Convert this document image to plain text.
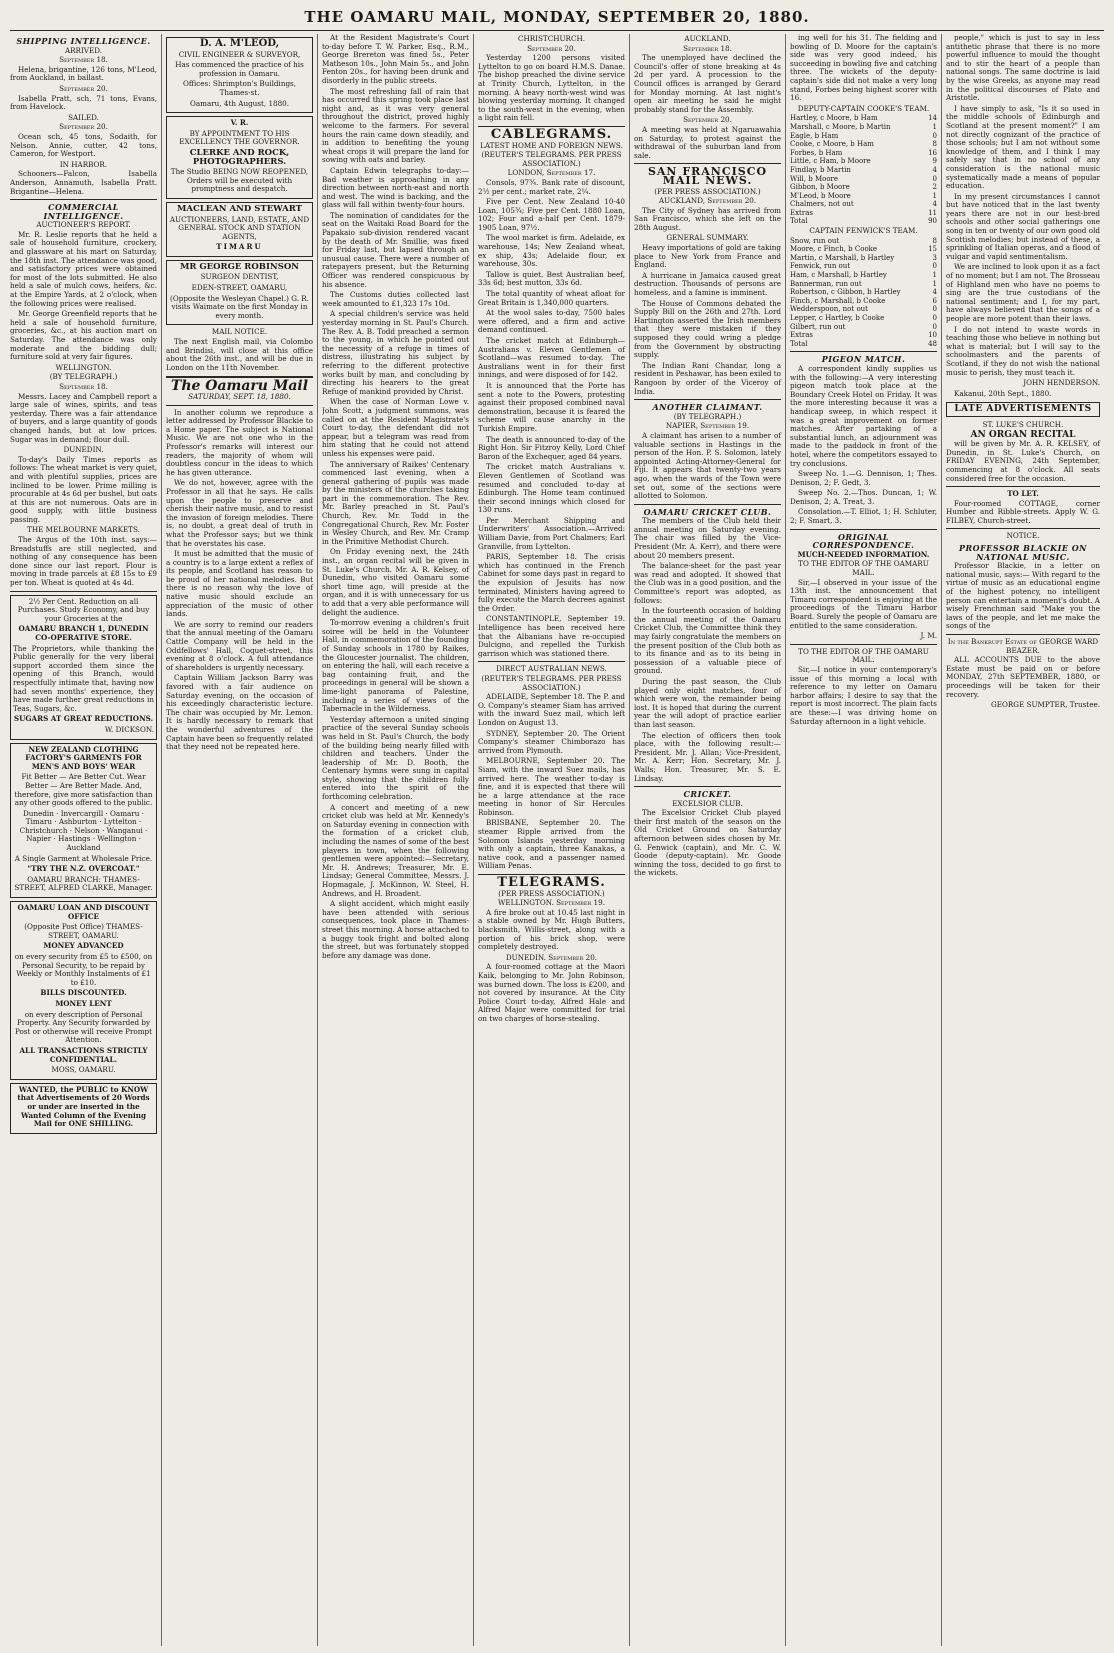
THE OAMARU MAIL, MONDAY, SEPTEMBER 20, 1880.
SHIPPING INTELLIGENCE.
ARRIVED.
September 18.

Helena, brigantine, 126 tons, M'Leod, from Auckland, in ballast.

September 20.

Isabella Pratt, sch, 71 tons, Evans, from Havelock.

SAILED.
September 20.

Ocean sch, 45 tons, Sodaith, for Nelson. Annie, cutter, 42 tons, Cameron, for Westport.

IN HARBOR.

Schooners—Falcon, Isabella Anderson, Annamuth, Isabella Pratt. Brigantine—Helena.

COMMERCIAL INTELLIGENCE.
AUCTIONEER'S REPORT.

Mr. R. Leslie reports that he held a sale of household furniture, crockery, and glassware at his mart on Saturday, the 18th inst. The attendance was good, and satisfactory prices were obtained for most of the lots submitted. He also held a sale of mulch cows, heifers, &c. at the Empire Yards, at 2 o'clock, when the following prices were realised.

Mr. George Greenfield reports that he held a sale of household furniture, groceries, &c., at his auction mart on Saturday. The attendance was only moderate and the bidding dull; furniture sold at very fair figures.

WELLINGTON.
(BY TELEGRAPH.)
September 18.

Messrs. Lacey and Campbell report a large sale of wines, spirits, and teas yesterday. There was a fair attendance of buyers, and a large quantity of goods changed hands, but at low prices. Sugar was in demand; flour dull.

DUNEDIN.

To-day's Daily Times reports as follows: The wheat market is very quiet, and with plentiful supplies, prices are inclined to be lower. Prime milling is procurable at 4s 6d per bushel, but oats at this are not numerous. Oats are in good supply, with little business passing.

THE MELBOURNE MARKETS.

The Argus of the 10th inst. says:—Breadstuffs are still neglected, and nothing of any consequence has been done since our last report. Flour is moving in trade parcels at £8 15s to £9 per ton. Wheat is quoted at 4s 4d.

2½ Per Cent. Reduction on all Purchases. Study Economy, and buy your Groceries at the

OAMARU BRANCH 1, DUNEDIN CO-OPERATIVE STORE.

The Proprietors, while thanking the Public generally for the very liberal support accorded them since the opening of this Branch, would respectfully intimate that, having now had seven months' experience, they have made further great reductions in Teas, Sugars, &c.

SUGARS AT GREAT REDUCTIONS.

W. DICKSON.

NEW ZEALAND CLOTHING FACTORY'S GARMENTS FOR MEN'S AND BOYS' WEAR

Fit Better — Are Better Cut. Wear Better — Are Better Made. And, therefore, give more satisfaction than any other goods offered to the public.

Dunedin · Invercargill · Oamaru · Timaru · Ashburton · Lyttelton · Christchurch · Nelson · Wanganui · Napier · Hastings · Wellington · Auckland

A Single Garment at Wholesale Price.

"TRY THE N.Z. OVERCOAT."

OAMARU BRANCH: THAMES-STREET, ALFRED CLARKE, Manager.

OAMARU LOAN AND DISCOUNT OFFICE

(Opposite Post Office) THAMES-STREET, OAMARU.

MONEY ADVANCED

on every security from £5 to £500, on Personal Security, to be repaid by Weekly or Monthly Instalments of £1 to £10.

BILLS DISCOUNTED.

MONEY LENT

on every description of Personal Property. Any Security forwarded by Post or otherwise will receive Prompt Attention.

ALL TRANSACTIONS STRICTLY CONFIDENTIAL.

MOSS, OAMARU.

WANTED, the PUBLIC to KNOW that Advertisements of 20 Words or under are inserted in the Wanted Column of the Evening Mail for ONE SHILLING.

D. A. M'LEOD,

CIVIL ENGINEER & SURVEYOR,

Has commenced the practice of his profession in Oamaru.

Offices: Shrimpton's Buildings, Thames-st.

Oamaru, 4th August, 1880.

V. R.

BY APPOINTMENT TO HIS EXCELLENCY THE GOVERNOR.

CLERKE AND ROCK, PHOTOGRAPHERS.

The Studio BEING NOW REOPENED, Orders will be executed with promptness and despatch.

MACLEAN AND STEWART

AUCTIONEERS, LAND, ESTATE, AND GENERAL STOCK AND STATION AGENTS,

TIMARU

MR GEORGE ROBINSON

SURGEON DENTIST,

EDEN-STREET, OAMARU,

(Opposite the Wesleyan Chapel.) G. R. visits Waimate on the first Monday in every month.

MAIL NOTICE.

The next English mail, via Colombo and Brindisi, will close at this office about the 26th inst., and will be due in London on the 11th November.

The Oamaru Mail
SATURDAY, SEPT. 18, 1880.

In another column we reproduce a letter addressed by Professor Blackie to a Home paper. The subject is National Music. We are not one who in the Professor's remarks will interest our readers, the majority of whom will doubtless concur in the ideas to which he has given utterance.

We do not, however, agree with the Professor in all that he says. He calls upon the people to preserve and cherish their native music, and to resist the invasion of foreign melodies. There is, no doubt, a great deal of truth in what the Professor says; but we think that he overstates his case.

It must be admitted that the music of a country is to a large extent a reflex of its people, and Scotland has reason to be proud of her national melodies. But there is no reason why the love of native music should exclude an appreciation of the music of other lands.

We are sorry to remind our readers that the annual meeting of the Oamaru Cattle Company will be held in the Oddfellows' Hall, Coquet-street, this evening at 8 o'clock. A full attendance of shareholders is urgently necessary.

Captain William Jackson Barry was favored with a fair audience on Saturday evening, on the occasion of his exceedingly characteristic lecture. The chair was occupied by Mr. Lemon. It is hardly necessary to remark that the wonderful adventures of the Captain have been so frequently related that they need not be repeated here.

At the Resident Magistrate's Court to-day before T. W. Parker, Esq., R.M., George Brereton was fined 5s., Peter Matheson 10s., John Main 5s., and John Fenton 20s., for having been drunk and disorderly in the public streets.

The most refreshing fall of rain that has occurred this spring took place last night and, as it was very general throughout the district, proved highly welcome to the farmers. For several hours the rain came down steadily, and in addition to benefiting the young wheat crops it will prepare the land for sowing with oats and barley.

Captain Edwin telegraphs to-day:—Bad weather is approaching in any direction between north-east and north and west. The wind is backing, and the glass will fall within twenty-four hours.

The nomination of candidates for the seat on the Waitaki Road Board for the Papakaio sub-division rendered vacant by the death of Mr. Smillie, was fixed for Friday last, but lapsed through an unusual cause. There were a number of ratepayers present, but the Returning Officer was rendered conspicuous by his absence.

The Customs duties collected last week amounted to £1,323 17s 10d.

A special children's service was held yesterday morning in St. Paul's Church. The Rev. A. B. Todd preached a sermon to the young, in which he pointed out the necessity of a refuge in times of distress, illustrating his subject by referring to the different protective works built by man, and concluding by directing his hearers to the great Refuge of mankind provided by Christ.

When the case of Norman Lowe v. John Scott, a judgment summons, was called on at the Resident Magistrate's Court to-day, the defendant did not appear, but a telegram was read from him stating that he could not attend unless his expenses were paid.

The anniversary of Raikes' Centenary commenced last evening, when a general gathering of pupils was made by the ministers of the churches taking part in the commemoration. The Rev. Mr. Barley preached in St. Paul's Church, Rev. Mr. Todd in the Congregational Church, Rev. Mr. Foster in Wesley Church, and Rev. Mr. Cramp in the Primitive Methodist Church.

On Friday evening next, the 24th inst., an organ recital will be given in St. Luke's Church. Mr. A. R. Kelsey, of Dunedin, who visited Oamaru some short time ago, will preside at the organ, and it is with unnecessary for us to add that a very able performance will delight the audience.

To-morrow evening a children's fruit soiree will be held in the Volunteer Hall, in commemoration of the founding of Sunday schools in 1780 by Raikes, the Gloucester journalist. The children, on entering the hall, will each receive a bag containing fruit, and the proceedings in general will be shown a lime-light panorama of Palestine, including a series of views of the Tabernacle in the Wilderness.

Yesterday afternoon a united singing practice of the several Sunday schools was held in St. Paul's Church, the body of the building being nearly filled with children and teachers. Under the leadership of Mr. D. Booth, the Centenary hymns were sung in capital style, showing that the children fully entered into the spirit of the forthcoming celebration.

A concert and meeting of a new cricket club was held at Mr. Kennedy's on Saturday evening in connection with the formation of a cricket club, including the names of some of the best players in town, when the following gentlemen were appointed:—Secretary, Mr. H. Andrews; Treasurer, Mr. E. Lindsay; General Committee, Messrs. J. Hopmagale, J. McKinnon, W. Steel, H. Andrews, and H. Broadent.

A slight accident, which might easily have been attended with serious consequences, took place in Thames-street this morning. A horse attached to a buggy took fright and bolted along the street, but was fortunately stopped before any damage was done.

CHRISTCHURCH.
September 20.

Yesterday 1200 persons visited Lyttelton to go on board H.M.S. Danae. The bishop preached the divine service at Trinity Church, Lyttelton, in the morning. A heavy north-west wind was blowing yesterday morning. It changed to the south-west in the evening, when a light rain fell.

CABLEGRAMS.
LATEST HOME AND FOREIGN NEWS.
(REUTER'S TELEGRAMS. PER PRESS ASSOCIATION.)
LONDON, September 17.

Consols, 97¾. Bank rate of discount, 2½ per cent.; market rate, 2¼.

Five per Cent. New Zealand 10-40 Loan, 105¾; Five per Cent. 1880 Loan, 102; Four and a-half per Cent. 1879-1905 Loan, 97½.

The wool market is firm. Adelaide, ex warehouse, 14s; New Zealand wheat, ex ship, 43s; Adelaide flour, ex warehouse, 30s.

Tallow is quiet. Best Australian beef, 33s 6d; best mutton, 33s 6d.

The total quantity of wheat afloat for Great Britain is 1,340,000 quarters.

At the wool sales to-day, 7500 bales were offered, and a firm and active demand continued.

The cricket match at Edinburgh—Australians v. Eleven Gentlemen of Scotland—was resumed to-day. The Australians went in for their first innings, and were disposed of for 142.

It is announced that the Porte has sent a note to the Powers, protesting against their proposed combined naval demonstration, because it is feared the scheme will cause anarchy in the Turkish Empire.

The death is announced to-day of the Right Hon. Sir Fitzroy Kelly, Lord Chief Baron of the Exchequer, aged 84 years.

The cricket match Australians v. Eleven Gentlemen of Scotland was resumed and concluded to-day at Edinburgh. The Home team continued their second innings which closed for 130 runs.

Per Merchant Shipping and Underwriters' Association.—Arrived: William Davie, from Port Chalmers; Earl Granville, from Lyttelton.

PARIS, September 18. The crisis which has continued in the French Cabinet for some days past in regard to the expulsion of Jesuits has now terminated, Ministers having agreed to fully execute the March decrees against the Order.

CONSTANTINOPLE, September 19. Intelligence has been received here that the Albanians have re-occupied Dulcigno, and repelled the Turkish garrison which was stationed there.

DIRECT AUSTRALIAN NEWS.
(REUTER'S TELEGRAMS. PER PRESS ASSOCIATION.)

ADELAIDE, September 18. The P. and O. Company's steamer Siam has arrived with the inward Suez mail, which left London on August 13.

SYDNEY, September 20. The Orient Company's steamer Chimborazo has arrived from Plymouth.

MELBOURNE, September 20. The Siam, with the inward Suez mails, has arrived here. The weather to-day is fine, and it is expected that there will be a large attendance at the race meeting in honor of Sir Hercules Robinson.

BRISBANE, September 20. The steamer Ripple arrived from the Solomon Islands yesterday morning with only a captain, three Kanakas, a native cook, and a passenger named William Penas.

TELEGRAMS.
(PER PRESS ASSOCIATION.)
WELLINGTON. September 19.

A fire broke out at 10.45 last night in a stable owned by Mr. Hugh Butters, blacksmith, Willis-street, along with a portion of his brick shop, were completely destroyed.

DUNEDIN. September 20.

A four-roomed cottage at the Maori Kaik, belonging to Mr. John Robinson, was burned down. The loss is £200, and not covered by insurance. At the City Police Court to-day, Alfred Hale and Alfred Major were committed for trial on two charges of horse-stealing.

AUCKLAND.
September 18.

The unemployed have declined the Council's offer of stone breaking at 4s 2d per yard. A procession to the Council offices is arranged by Gerard for Monday morning. At last night's open air meeting he said he might probably stand for the Assembly.

September 20.

A meeting was held at Ngaruawahia on Saturday, to protest against the withdrawal of the suburban land from sale.

SAN FRANCISCO MAIL NEWS.
(PER PRESS ASSOCIATION.)
AUCKLAND, September 20.

The City of Sydney has arrived from San Francisco, which she left on the 28th August.

GENERAL SUMMARY.

Heavy importations of gold are taking place to New York from France and England.

A hurricane in Jamaica caused great destruction. Thousands of persons are homeless, and a famine is imminent.

The House of Commons debated the Supply Bill on the 26th and 27th. Lord Hartington asserted the Irish members that they were mistaken if they supposed they could wring a pledge from the Government by obstructing supply.

The Indian Rani Chandar, long a resident in Peshawar, has been exiled to Rangoon by order of the Viceroy of India.

ANOTHER CLAIMANT.
(BY TELEGRAPH.)
NAPIER, September 19.

A claimant has arisen to a number of valuable sections in Hastings in the person of the Hon. P. S. Solomon, lately appointed Acting-Attorney-General for Fiji. It appears that twenty-two years ago, when the wards of the Town were set out, some of the sections were allotted to Solomon.

OAMARU CRICKET CLUB.

The members of the Club held their annual meeting on Saturday evening. The chair was filled by the Vice-President (Mr. A. Kerr), and there were about 20 members present.

The balance-sheet for the past year was read and adopted. It showed that the Club was in a good position, and the Committee's report was adopted, as follows:

In the fourteenth occasion of holding the annual meeting of the Oamaru Cricket Club, the Committee think they may fairly congratulate the members on the present position of the Club both as to its finance and as to its being in possession of a valuable piece of ground.

During the past season, the Club played only eight matches, four of which were won, the remainder being lost. It is hoped that during the current year the will adopt of practice earlier than last season.

The election of officers then took place, with the following result:—President, Mr. J. Allan; Vice-President, Mr. A. Kerr; Hon. Secretary, Mr. J. Walls; Hon. Treasurer, Mr. S. E. Lindsay.

CRICKET.
EXCELSIOR CLUB.

The Excelsior Cricket Club played their first match of the season on the Old Cricket Ground on Saturday afternoon between sides chosen by Mr. G. Fenwick (captain), and Mr. C. W. Goode (deputy-captain). Mr. Goode winning the toss, decided to go first to the wickets.

ing well for his 31. The fielding and bowling of D. Moore for the captain's side was very good indeed, his succeeding in bowling five and catching three. The wickets of the deputy-captain's side did not make a very long stand, Forbes being highest scorer with 16.

DEPUTY-CAPTAIN COOKE'S TEAM.
Hartley, c Moore, b Ham	14
Marshall, c Moore, b Martin	1
Eagle, b Ham	0
Cooke, c Moore, b Ham	8
Forbes, b Ham	16
Little, c Ham, b Moore	9
Findlay, b Martin	4
Will, b Moore	0
Gibbon, b Moore	2
M'Leod, b Moore	1
Chalmers, not out	4
Extras	11
Total	90
CAPTAIN FENWICK'S TEAM.
Snow, run out	8
Moore, c Finch, b Cooke	15
Martin, c Marshall, b Hartley	3
Fenwick, run out	0
Ham, c Marshall, b Hartley	1
Bannerman, run out	1
Robertson, c Gibbon, b Hartley	4
Finch, c Marshall, b Cooke	6
Wedderspoon, not out	0
Lepper, c Hartley, b Cooke	0
Gilbert, run out	0
Extras	10
Total	48
PIGEON MATCH.

A correspondent kindly supplies us with the following:—A very interesting pigeon match took place at the Boundary Creek Hotel on Friday. It was the more interesting because it was a handicap sweep, in which respect it was a great improvement on former matches. After partaking of a substantial lunch, an adjournment was made to the paddock in front of the hotel, where the competitors essayed to try conclusions.

Sweep No. 1.—G. Dennison, 1; Thes. Denison, 2; F. Gedt, 3.

Sweep No. 2.—Thos. Duncan, 1; W. Denison, 2; A. Treat, 3.

Consolation.—T. Elliot, 1; H. Schluter, 2; F. Smart, 3.

ORIGINAL CORRESPONDENCE.
MUCH-NEEDED INFORMATION.
TO THE EDITOR OF THE OAMARU MAIL.

Sir,—I observed in your issue of the 13th inst. the announcement that Timaru correspondent is enjoying at the proceedings of the Timaru Harbor Board. Surely the people of Oamaru are entitled to the same consideration.

J. M.

TO THE EDITOR OF THE OAMARU MAIL.

Sir,—I notice in your contemporary's issue of this morning a local with reference to my letter on Oamaru harbor affairs; I desire to say that the report is most incorrect. The plain facts are these:—I was driving home on Saturday afternoon in a light vehicle.

people," which is just to say in less antithetic phrase that there is no more powerful influence to mould the thought and to stir the heart of a people than national songs. The same doctrine is laid by the wise Greeks, as anyone may read in the political discourses of Plato and Aristotle.

I have simply to ask, "Is it so used in the middle schools of Edinburgh and Scotland at the present moment?" I am not directly cognizant of the practice of those schools; but I am not without some knowledge of them, and I think I may safely say that in no school of any consideration is the national music systematically made a means of popular education.

In my present circumstances I cannot but have noticed that in the last twenty years there are not in our best-bred schools and other social gatherings one song in ten or twenty of our own good old Scottish melodies; but instead of these, a sprinkling of Italian operas, and a flood of vulgar and vapid sentimentalism.

We are inclined to look upon it as a fact of no moment; but I am not. The Brosseau of Highland men who have no poems to sing are the true custodians of the national sentiment; and I, for my part, have always believed that the songs of a people are more potent than their laws.

I do not intend to waste words in teaching those who believe in nothing but what is material; but I will say to the schoolmasters and the parents of Scotland, if they do not wish the national music to perish, they must teach it.

JOHN HENDERSON.

Kakanui, 20th Sept., 1880.

LATE ADVERTISEMENTS
ST. LUKE'S CHURCH.
AN ORGAN RECITAL

will be given by Mr. A. R. KELSEY, of Dunedin, in St. Luke's Church, on FRIDAY EVENING, 24th September, commencing at 8 o'clock. All seats considered free for the occasion.

TO LET.

Four-roomed COTTAGE, corner Humber and Ribble-streets. Apply W. G. FILBEY, Church-street.

NOTICE.
PROFESSOR BLACKIE ON NATIONAL MUSIC.

Professor Blackie, in a letter on national music, says:— With regard to the virtue of music as an educational engine of the highest potency, no intelligent person can entertain a moment's doubt. A wisely Frenchman said "Make you the laws of the people, and let me make the songs of the

In the Bankrupt Estate of GEORGE WARD BEAZER.

ALL ACCOUNTS DUE to the above Estate must be paid on or before MONDAY, 27th SEPTEMBER, 1880, or proceedings will be taken for their recovery.

GEORGE SUMPTER, Trustee.
